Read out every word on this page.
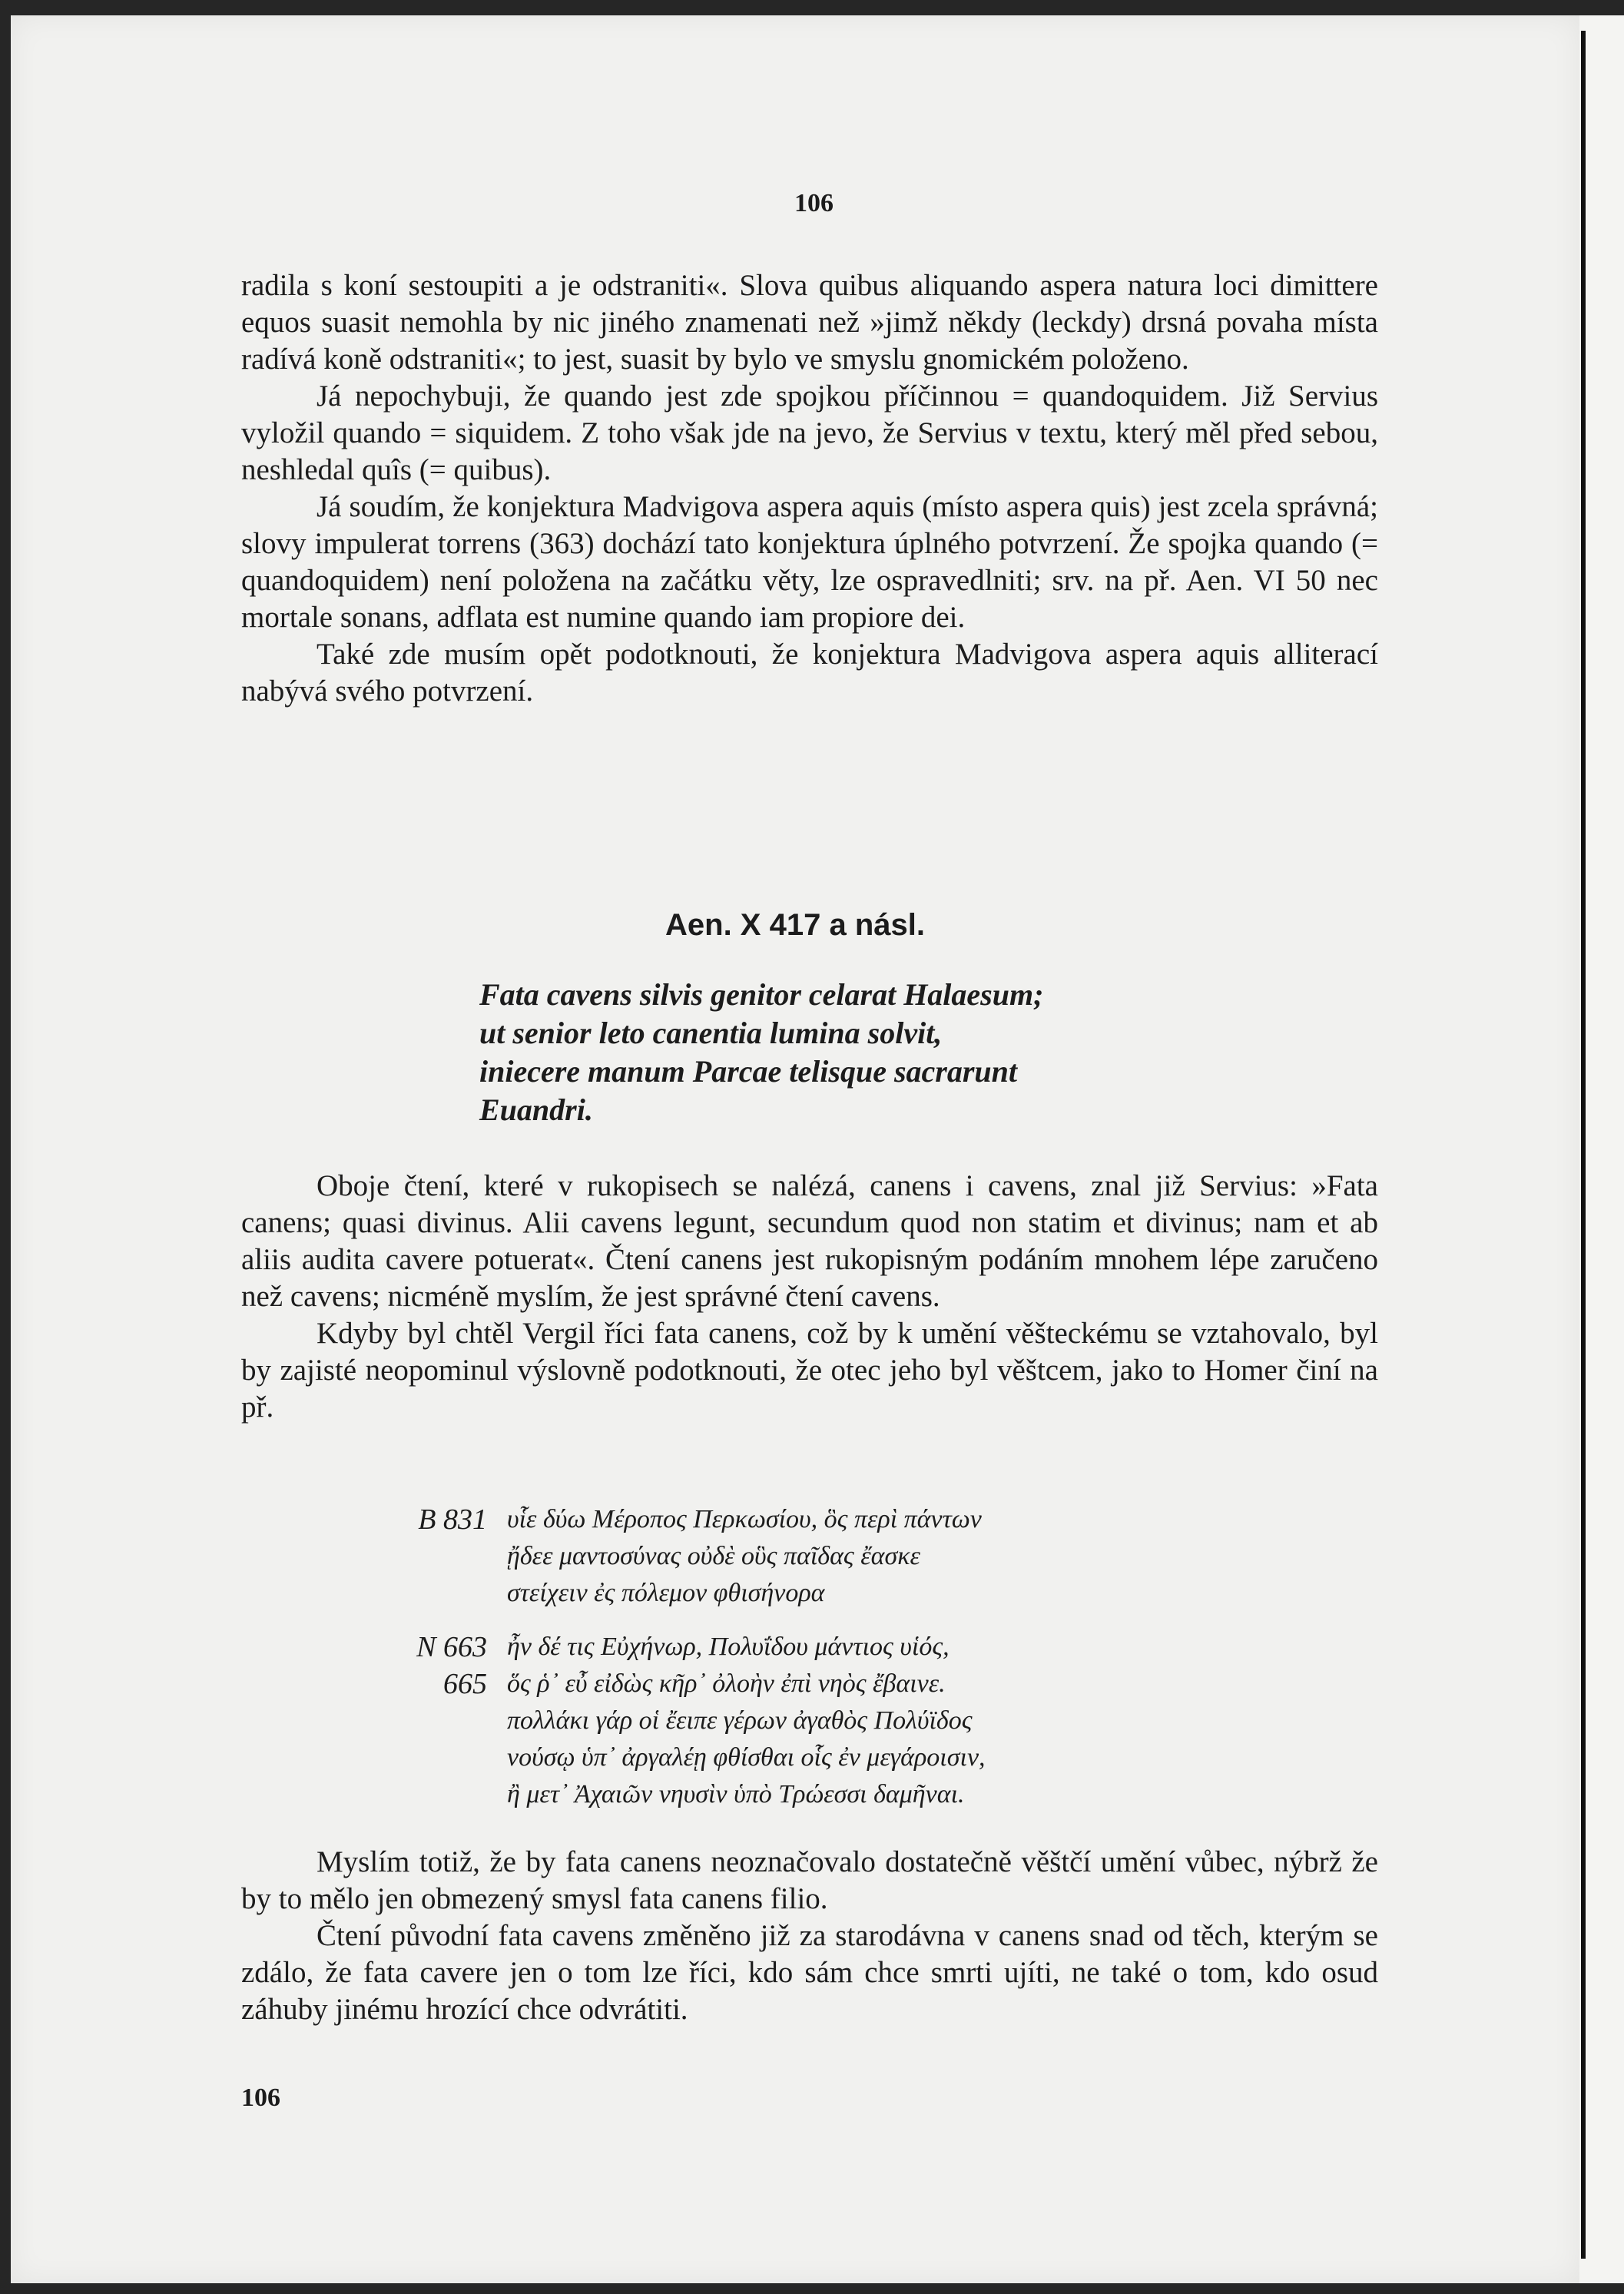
106

radila s koní sestoupiti a je odstraniti«. Slova quibus aliquando aspera natura loci dimittere equos suasit nemohla by nic jiného znamenati než »jimž někdy (leckdy) drsná povaha místa radívá koně odstraniti«; to jest, suasit by bylo ve smyslu gnomickém položeno.

Já nepochybuji, že quando jest zde spojkou příčinnou = quandoquidem. Již Servius vyložil quando = siquidem. Z toho však jde na jevo, že Servius v textu, který měl před sebou, neshledal quîs (= quibus).

Já soudím, že konjektura Madvigova aspera aquis (místo aspera quis) jest zcela správná; slovy impulerat torrens (363) dochází tato konjektura úplného potvrzení. Že spojka quando (= quandoquidem) není položena na začátku věty, lze ospravedlniti; srv. na př. Aen. VI 50 nec mortale sonans, adflata est numine quando iam propiore dei.

Také zde musím opět podotknouti, že konjektura Madvigova aspera aquis alliterací nabývá svého potvrzení.

Aen. X 417 a násl.
Fata cavens silvis genitor celarat Halaesum;
ut senior leto canentia lumina solvit,
iniecere manum Parcae telisque sacrarunt
Euandri.

Oboje čtení, které v rukopisech se nalézá, canens i cavens, znal již Servius: »Fata canens; quasi divinus. Alii cavens legunt, secundum quod non statim et divinus; nam et ab aliis audita cavere potuerat«. Čtení canens jest rukopisným podáním mnohem lépe zaručeno než cavens; nicméně myslím, že jest správné čtení cavens.

Kdyby byl chtěl Vergil říci fata canens, což by k umění věšteckému se vztahovalo, byl by zajisté neopominul výslovně podotknouti, že otec jeho byl věštcem, jako to Homer činí na př.

B 831 υἷε δύω Μέροπος Περκωσίου, ὃς περὶ πάντων
ᾔδεε μαντοσύνας οὐδὲ οὓς παῖδας ἔασκε
στείχειν ἐς πόλεμον φθισήνορα
N 663 ἦν δέ τις Εὐχήνωρ, Πολυΐδου μάντιος υἱός,
665 ὅς ῥ᾽ εὖ εἰδὼς κῆρ᾽ ὀλοὴν ἐπὶ νηὸς ἔβαινε.
πολλάκι γάρ οἱ ἔειπε γέρων ἀγαθὸς Πολύϊδος
νούσῳ ὑπ᾽ ἀργαλέῃ φθίσθαι οἷς ἐν μεγάροισιν,
ἢ μετ᾽ Ἀχαιῶν νηυσὶν ὑπὸ Τρώεσσι δαμῆναι.

Myslím totiž, že by fata canens neoznačovalo dostatečně věštčí umění vůbec, nýbrž že by to mělo jen obmezený smysl fata canens filio.

Čtení původní fata cavens změněno již za starodávna v canens snad od těch, kterým se zdálo, že fata cavere jen o tom lze říci, kdo sám chce smrti ujíti, ne také o tom, kdo osud záhuby jinému hrozící chce odvrátiti.

106
